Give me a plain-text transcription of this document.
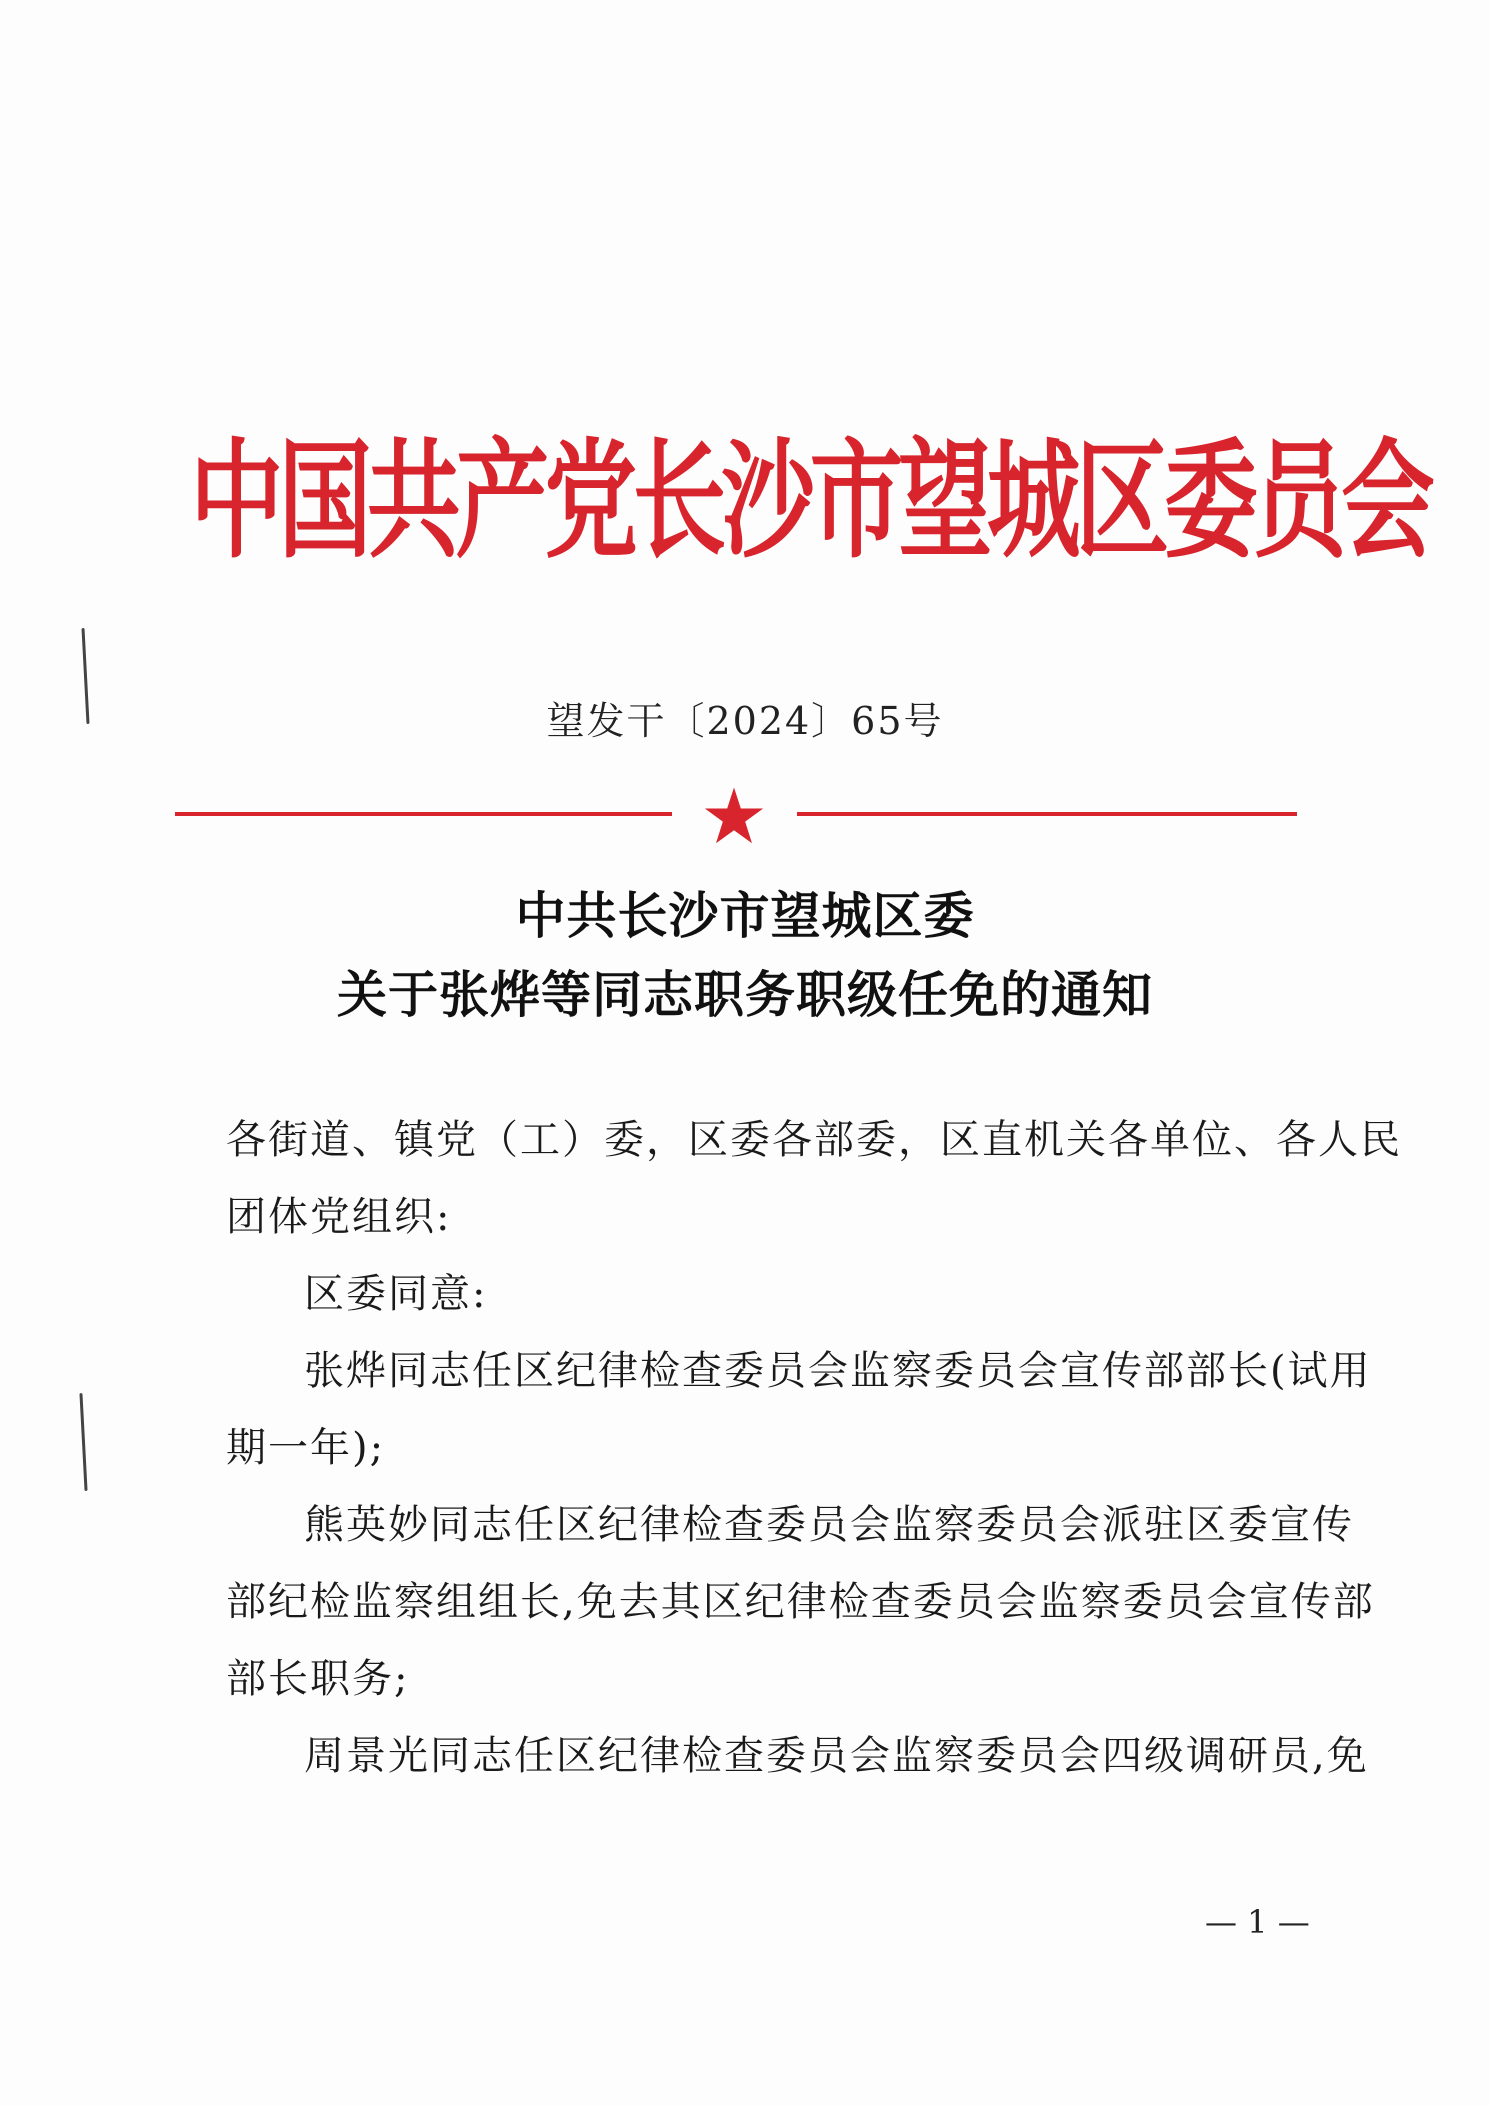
中国共产党长沙市望城区委员会
望发干〔2024〕65号
中共长沙市望城区委
关于张烨等同志职务职级任免的通知
各街道、镇党（工）委，区委各部委，区直机关各单位、各人民
团体党组织:
区委同意:
张烨同志任区纪律检查委员会监察委员会宣传部部长(试用
期一年);
熊英妙同志任区纪律检查委员会监察委员会派驻区委宣传
部纪检监察组组长,免去其区纪律检查委员会监察委员会宣传部
部长职务;
周景光同志任区纪律检查委员会监察委员会四级调研员,免
— 1 —
